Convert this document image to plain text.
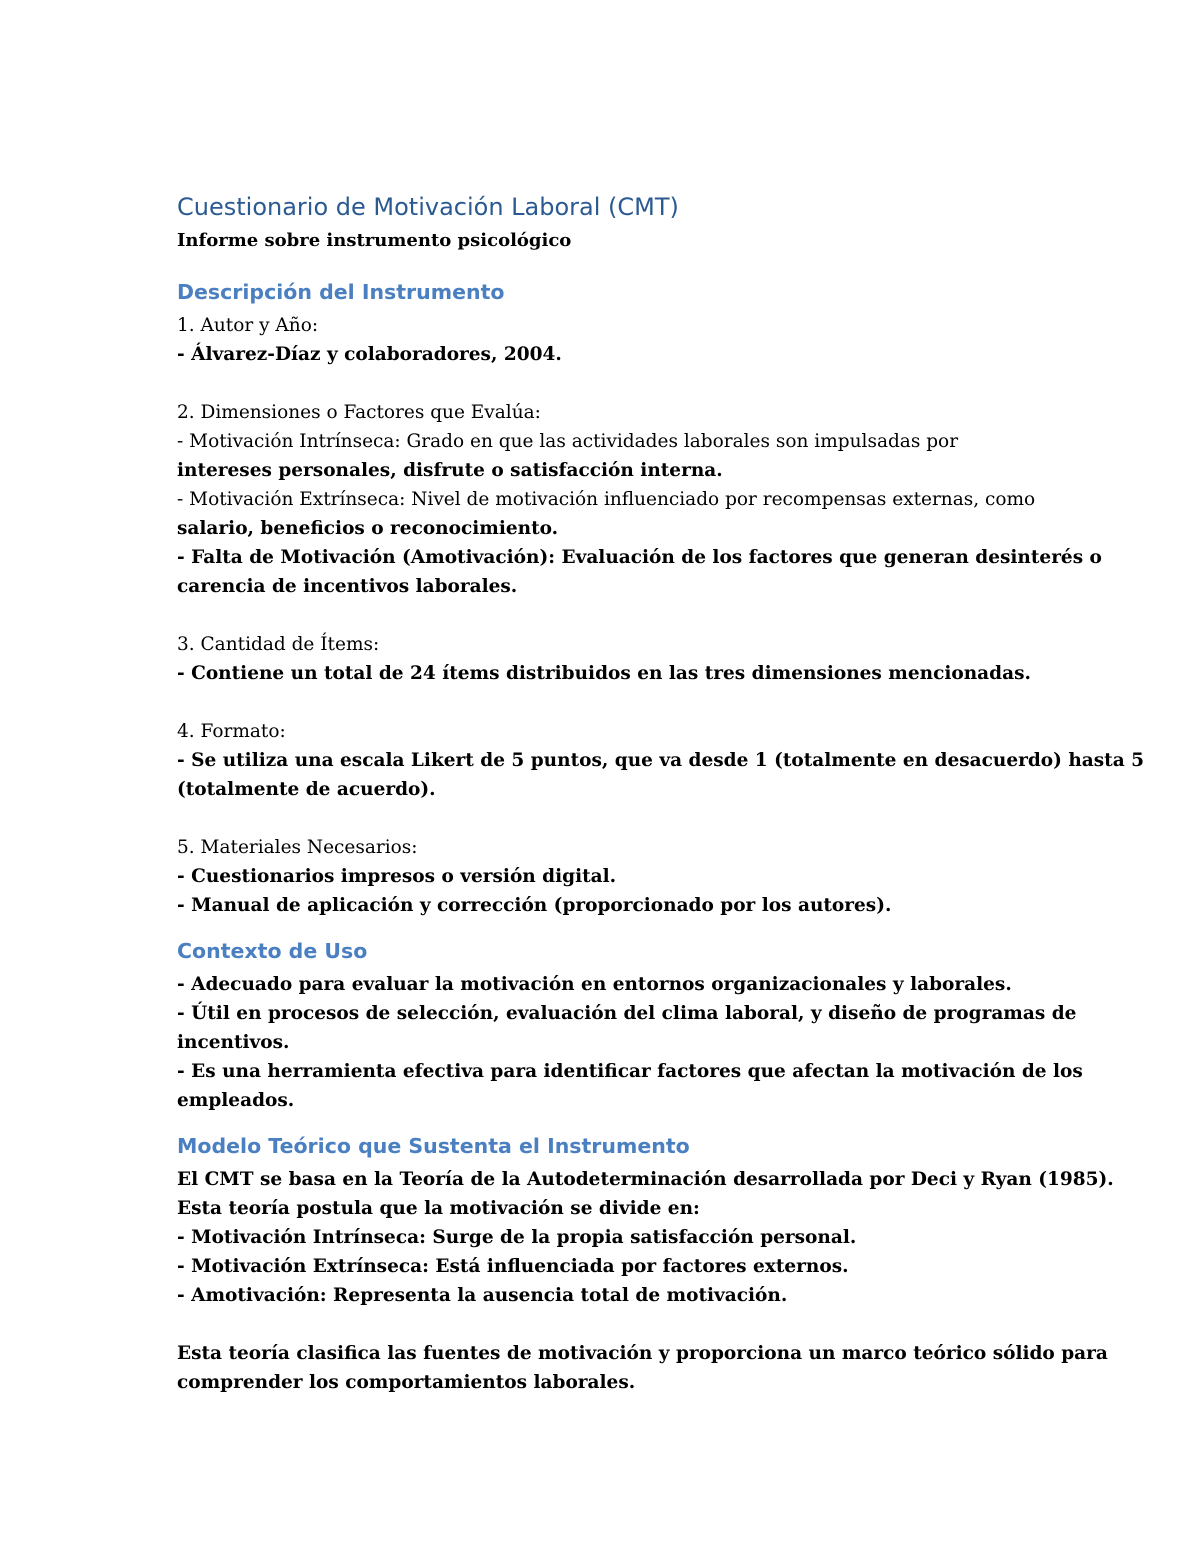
Cuestionario de Motivación Laboral (CMT)

Informe sobre instrumento psicológico

Descripción del Instrumento

1. Autor y Año:

- Álvarez-Díaz y colaboradores, 2004.

2. Dimensiones o Factores que Evalúa:

- Motivación Intrínseca: Grado en que las actividades laborales son impulsadas por

intereses personales, disfrute o satisfacción interna.

- Motivación Extrínseca: Nivel de motivación influenciado por recompensas externas, como

salario, beneficios o reconocimiento.

- Falta de Motivación (Amotivación): Evaluación de los factores que generan desinterés o

carencia de incentivos laborales.

3. Cantidad de Ítems:

- Contiene un total de 24 ítems distribuidos en las tres dimensiones mencionadas.

4. Formato:

- Se utiliza una escala Likert de 5 puntos, que va desde 1 (totalmente en desacuerdo) hasta 5

(totalmente de acuerdo).

5. Materiales Necesarios:

- Cuestionarios impresos o versión digital.

- Manual de aplicación y corrección (proporcionado por los autores).

Contexto de Uso

- Adecuado para evaluar la motivación en entornos organizacionales y laborales.

- Útil en procesos de selección, evaluación del clima laboral, y diseño de programas de

incentivos.

- Es una herramienta efectiva para identificar factores que afectan la motivación de los

empleados.

Modelo Teórico que Sustenta el Instrumento

El CMT se basa en la Teoría de la Autodeterminación desarrollada por Deci y Ryan (1985).

Esta teoría postula que la motivación se divide en:

- Motivación Intrínseca: Surge de la propia satisfacción personal.

- Motivación Extrínseca: Está influenciada por factores externos.

- Amotivación: Representa la ausencia total de motivación.

Esta teoría clasifica las fuentes de motivación y proporciona un marco teórico sólido para

comprender los comportamientos laborales.
